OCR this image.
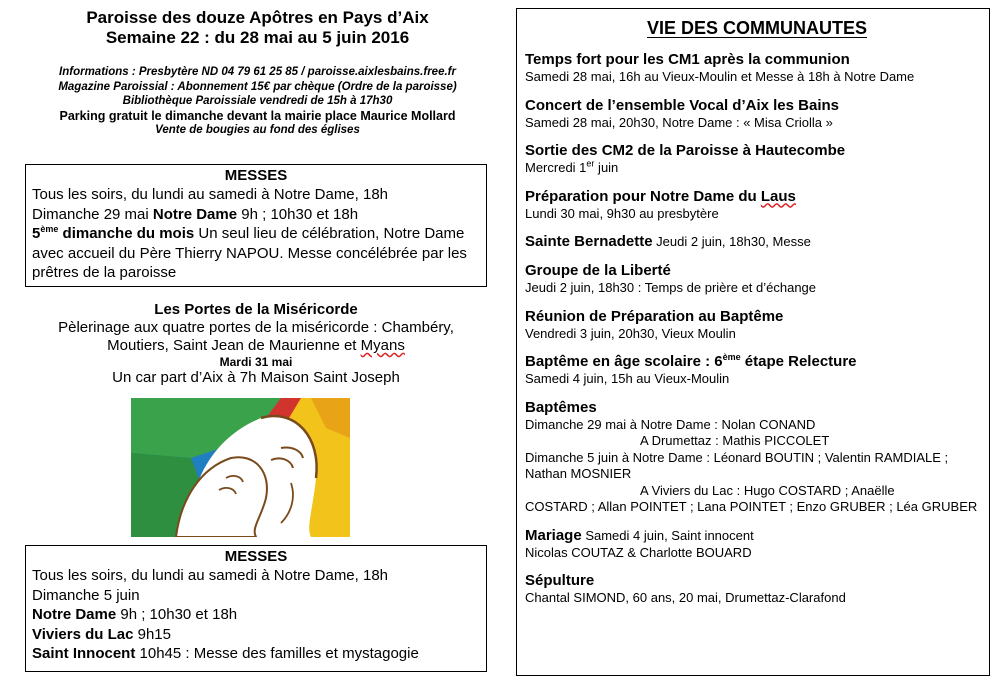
Paroisse des douze Apôtres en Pays d’Aix
Semaine 22 : du 28 mai au 5 juin 2016
Informations : Presbytère ND 04 79 61 25 85 / paroisse.aixlesbains.free.fr
Magazine Paroissial : Abonnement 15€ par chèque (Ordre de la paroisse)
Bibliothèque Paroissiale vendredi de 15h à 17h30
Parking gratuit le dimanche devant la mairie place Maurice Mollard
Vente de bougies au fond des églises
MESSES

Tous les soirs, du lundi au samedi à Notre Dame, 18h

Dimanche 29 mai Notre Dame 9h ; 10h30 et 18h

5ème dimanche du mois Un seul lieu de célébration, Notre Dame avec accueil du Père Thierry NAPOU. Messe concélébrée par les prêtres de la paroisse

Les Portes de la Miséricorde
Pèlerinage aux quatre portes de la miséricorde : Chambéry,
Moutiers, Saint Jean de Maurienne et Myans
Mardi 31 mai
Un car part d’Aix à 7h Maison Saint Joseph
MESSES

Tous les soirs, du lundi au samedi à Notre Dame, 18h

Dimanche 5 juin

Notre Dame 9h ; 10h30 et 18h

Viviers du Lac 9h15

Saint Innocent 10h45 : Messe des familles et mystagogie

VIE DES COMMUNAUTES
Temps fort pour les CM1 après la communion
Samedi 28 mai, 16h au Vieux-Moulin et Messe à 18h à Notre Dame
Concert de l’ensemble Vocal d’Aix les Bains
Samedi 28 mai, 20h30, Notre Dame : « Misa Criolla »
Sortie des CM2 de la Paroisse à Hautecombe
Mercredi 1er juin
Préparation pour Notre Dame du Laus
Lundi 30 mai, 9h30 au presbytère
Sainte Bernadette Jeudi 2 juin, 18h30, Messe
Groupe de la Liberté
Jeudi 2 juin, 18h30 : Temps de prière et d’échange
Réunion de Préparation au Baptême
Vendredi 3 juin, 20h30, Vieux Moulin
Baptême en âge scolaire : 6ème étape Relecture
Samedi 4 juin, 15h au Vieux-Moulin
Baptêmes
Dimanche 29 mai à Notre Dame : Nolan CONAND
A Drumettaz : Mathis PICCOLET
Dimanche 5 juin à Notre Dame : Léonard BOUTIN ; Valentin RAMDIALE ; Nathan MOSNIER
A Viviers du Lac : Hugo COSTARD ; Anaëlle
COSTARD ; Allan POINTET ; Lana POINTET ; Enzo GRUBER ; Léa GRUBER
Mariage Samedi 4 juin, Saint innocent
Nicolas COUTAZ & Charlotte BOUARD
Sépulture
Chantal SIMOND, 60 ans, 20 mai, Drumettaz-Clarafond
